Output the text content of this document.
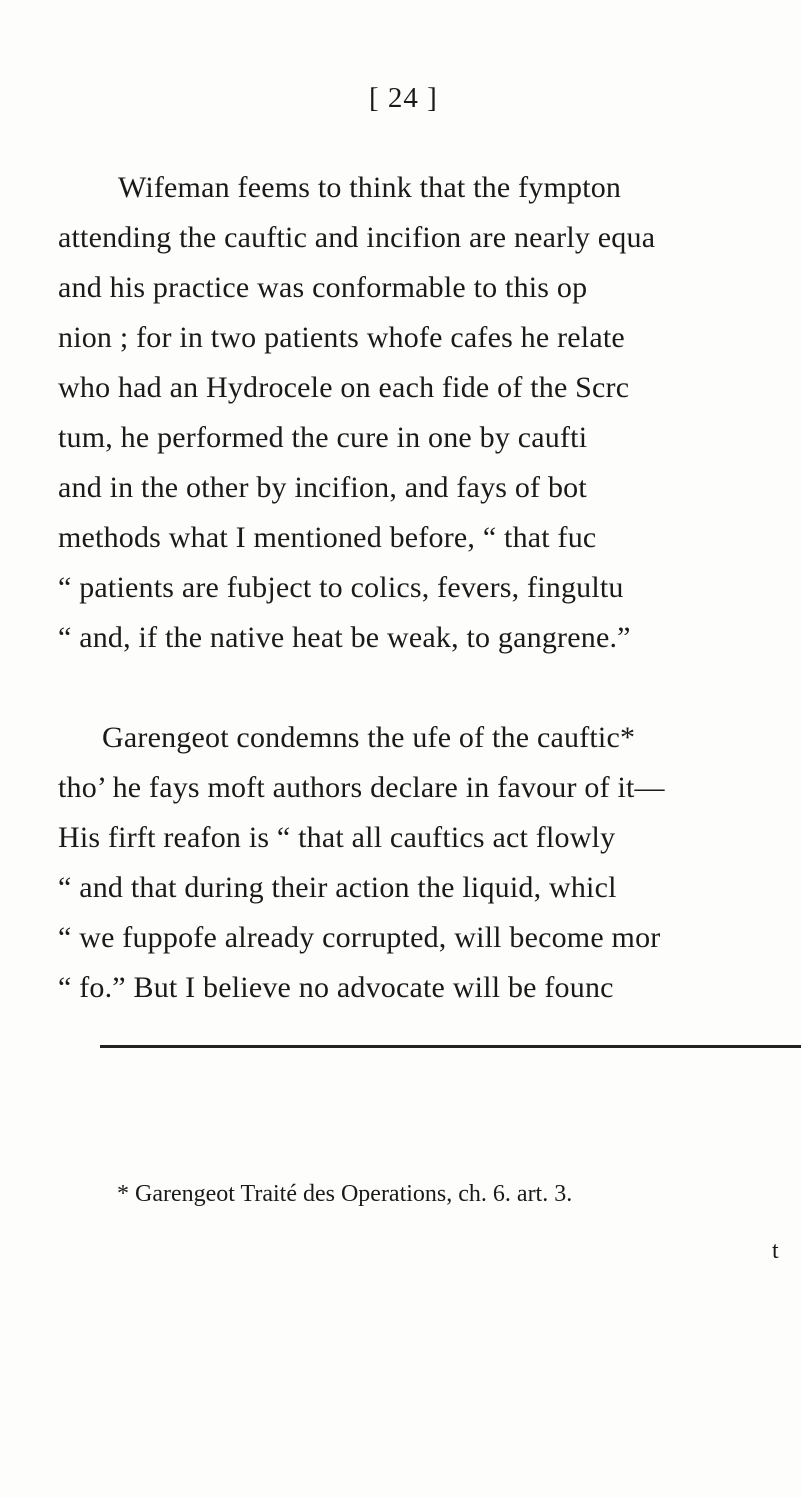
[ 24 ]
Wifeman feems to think that the fympton
attending the cauftic and incifion are nearly equa
and his practice was conformable to this op
nion ; for in two patients whofe cafes he relate
who had an Hydrocele on each fide of the Scrc
tum, he performed the cure in one by caufti
and in the other by incifion, and fays of bot
methods what I mentioned before, “ that fuc
“ patients are fubject to colics, fevers, fingultu
“ and, if the native heat be weak, to gangrene.”
Garengeot condemns the ufe of the cauftic*
tho’ he fays moft authors declare in favour of it—
His firft reafon is “ that all cauftics act flowly
“ and that during their action the liquid, whicl
“ we fuppofe already corrupted, will become mor
“ fo.” But I believe no advocate will be founc
* Garengeot Traité des Operations, ch. 6. art. 3.
t
